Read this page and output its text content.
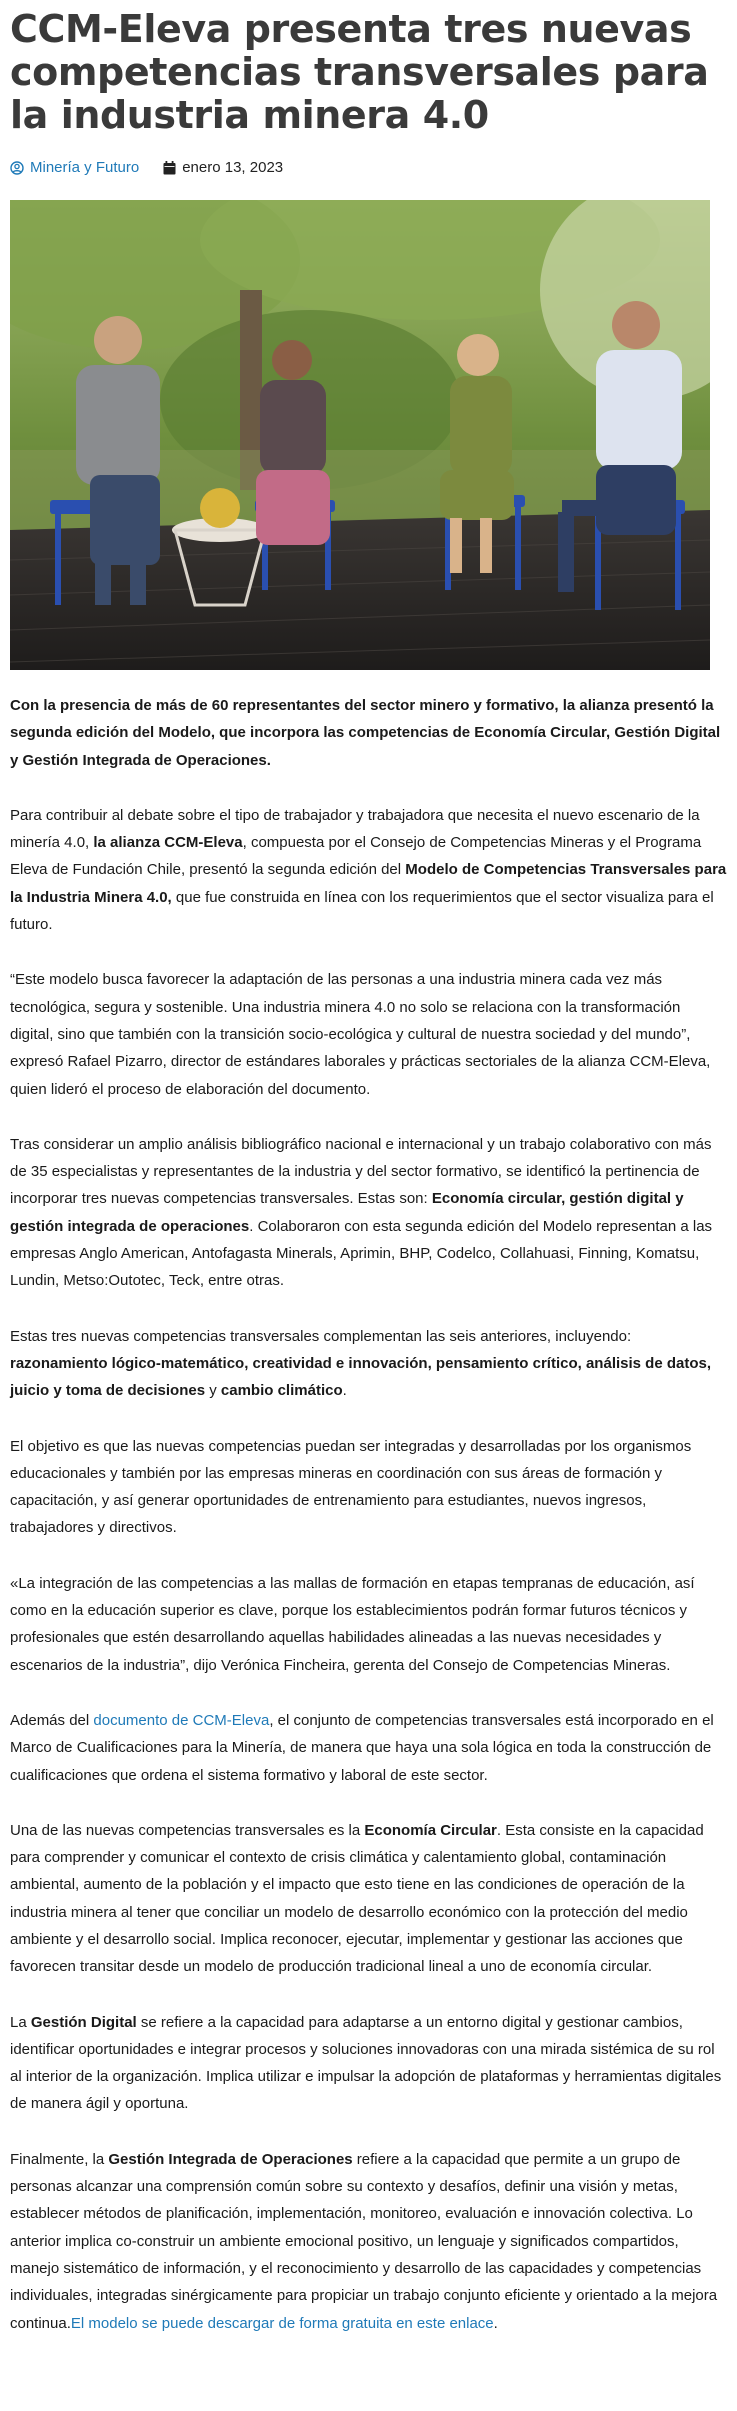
CCM-Eleva presenta tres nuevas competencias transversales para la industria minera 4.0
Minería y Futuro	enero 13, 2023

Con la presencia de más de 60 representantes del sector minero y formativo, la alianza presentó la segunda edición del Modelo, que incorpora las competencias de Economía Circular, Gestión Digital y Gestión Integrada de Operaciones.

Para contribuir al debate sobre el tipo de trabajador y trabajadora que necesita el nuevo escenario de la minería 4.0, la alianza CCM-Eleva, compuesta por el Consejo de Competencias Mineras y el Programa Eleva de Fundación Chile, presentó la segunda edición del Modelo de Competencias Transversales para la Industria Minera 4.0, que fue construida en línea con los requerimientos que el sector visualiza para el futuro.

“Este modelo busca favorecer la adaptación de las personas a una industria minera cada vez más tecnológica, segura y sostenible. Una industria minera 4.0 no solo se relaciona con la transformación digital, sino que también con la transición socio-ecológica y cultural de nuestra sociedad y del mundo”, expresó Rafael Pizarro, director de estándares laborales y prácticas sectoriales de la alianza CCM-Eleva, quien lideró el proceso de elaboración del documento.

Tras considerar un amplio análisis bibliográfico nacional e internacional y un trabajo colaborativo con más de 35 especialistas y representantes de la industria y del sector formativo, se identificó la pertinencia de incorporar tres nuevas competencias transversales. Estas son: Economía circular, gestión digital y gestión integrada de operaciones. Colaboraron con esta segunda edición del Modelo representan a las empresas Anglo American, Antofagasta Minerals, Aprimin, BHP, Codelco, Collahuasi, Finning, Komatsu, Lundin, Metso:Outotec, Teck, entre otras.

Estas tres nuevas competencias transversales complementan las seis anteriores, incluyendo: razonamiento lógico-matemático, creatividad e innovación, pensamiento crítico, análisis de datos, juicio y toma de decisiones y cambio climático.

El objetivo es que las nuevas competencias puedan ser integradas y desarrolladas por los organismos educacionales y también por las empresas mineras en coordinación con sus áreas de formación y capacitación, y así generar oportunidades de entrenamiento para estudiantes, nuevos ingresos, trabajadores y directivos.

«La integración de las competencias a las mallas de formación en etapas tempranas de educación, así como en la educación superior es clave, porque los establecimientos podrán formar futuros técnicos y profesionales que estén desarrollando aquellas habilidades alineadas a las nuevas necesidades y escenarios de la industria”, dijo Verónica Fincheira, gerenta del Consejo de Competencias Mineras.

Además del documento de CCM-Eleva, el conjunto de competencias transversales está incorporado en el Marco de Cualificaciones para la Minería, de manera que haya una sola lógica en toda la construcción de cualificaciones que ordena el sistema formativo y laboral de este sector.

Una de las nuevas competencias transversales es la Economía Circular. Esta consiste en la capacidad para comprender y comunicar el contexto de crisis climática y calentamiento global, contaminación ambiental, aumento de la población y el impacto que esto tiene en las condiciones de operación de la industria minera al tener que conciliar un modelo de desarrollo económico con la protección del medio ambiente y el desarrollo social. Implica reconocer, ejecutar, implementar y gestionar las acciones que favorecen transitar desde un modelo de producción tradicional lineal a uno de economía circular.

La Gestión Digital se refiere a la capacidad para adaptarse a un entorno digital y gestionar cambios, identificar oportunidades e integrar procesos y soluciones innovadoras con una mirada sistémica de su rol al interior de la organización. Implica utilizar e impulsar la adopción de plataformas y herramientas digitales de manera ágil y oportuna.

Finalmente, la Gestión Integrada de Operaciones refiere a la capacidad que permite a un grupo de personas alcanzar una comprensión común sobre su contexto y desafíos, definir una visión y metas, establecer métodos de planificación, implementación, monitoreo, evaluación e innovación colectiva. Lo anterior implica co-construir un ambiente emocional positivo, un lenguaje y significados compartidos, manejo sistemático de información, y el reconocimiento y desarrollo de las capacidades y competencias individuales, integradas sinérgicamente para propiciar un trabajo conjunto eficiente y orientado a la mejora continua.El modelo se puede descargar de forma gratuita en este enlace.
